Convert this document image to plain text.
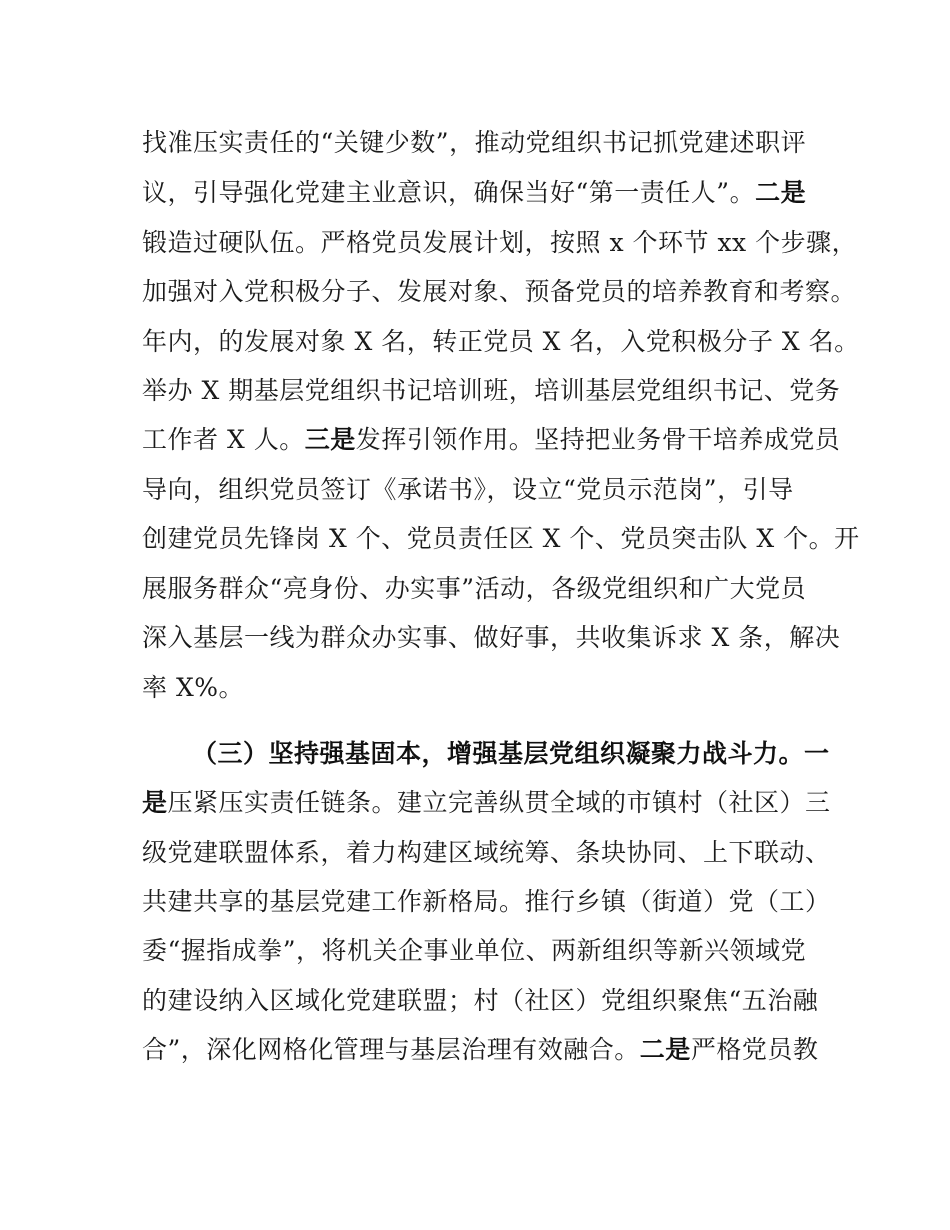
找准压实责任的“关键少数”，推动党组织书记抓党建述职评
议，引导强化党建主业意识，确保当好“第一责任人”。二是
锻造过硬队伍。严格党员发展计划，按照 x 个环节 xx 个步骤，
加强对入党积极分子、发展对象、预备党员的培养教育和考察。
年内，的发展对象 X 名，转正党员 X 名，入党积极分子 X 名。
举办 X 期基层党组织书记培训班，培训基层党组织书记、党务
工作者 X 人。三是发挥引领作用。坚持把业务骨干培养成党员
导向，组织党员签订《承诺书》，设立“党员示范岗”，引导
创建党员先锋岗 X 个、党员责任区 X 个、党员突击队 X 个。开
展服务群众“亮身份、办实事”活动，各级党组织和广大党员
深入基层一线为群众办实事、做好事，共收集诉求 X 条，解决
率 X%。
（三）坚持强基固本，增强基层党组织凝聚力战斗力。一
是压紧压实责任链条。建立完善纵贯全域的市镇村（社区）三
级党建联盟体系，着力构建区域统筹、条块协同、上下联动、
共建共享的基层党建工作新格局。推行乡镇（街道）党（工）
委“握指成拳”，将机关企事业单位、两新组织等新兴领域党
的建设纳入区域化党建联盟；村（社区）党组织聚焦“五治融
合”，深化网格化管理与基层治理有效融合。二是严格党员教
